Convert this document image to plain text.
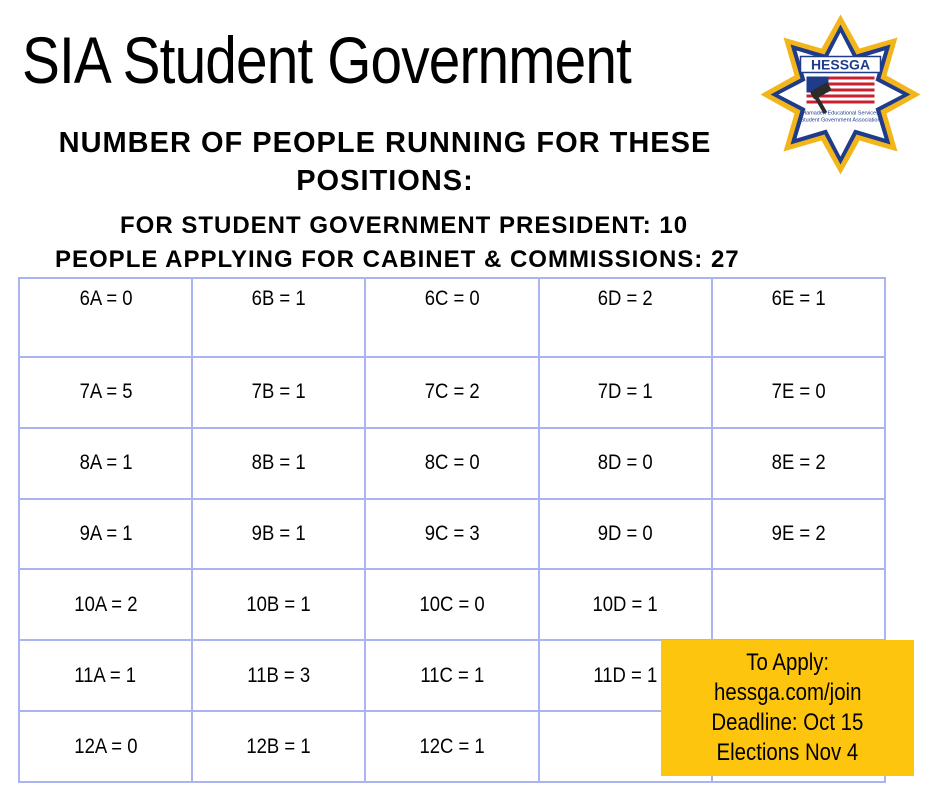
SIA Student Government
NUMBER OF PEOPLE RUNNING FOR THESE POSITIONS:
FOR STUDENT GOVERNMENT PRESIDENT: 10
PEOPLE APPLYING FOR CABINET & COMMISSIONS: 27
HESSGA
Hamadeh Educational Services
Student Government Association
6A = 0	6B = 1	6C = 0	6D = 2	6E = 1
7A = 5	7B = 1	7C = 2	7D = 1	7E = 0
8A = 1	8B = 1	8C = 0	8D = 0	8E = 2
9A = 1	9B = 1	9C = 3	9D = 0	9E = 2
10A = 2	10B = 1	10C = 0	10D = 1	
11A = 1	11B = 3	11C = 1	11D = 1	
12A = 0	12B = 1	12C = 1		
To Apply:
hessga.com/join
Deadline: Oct 15
Elections Nov 4
